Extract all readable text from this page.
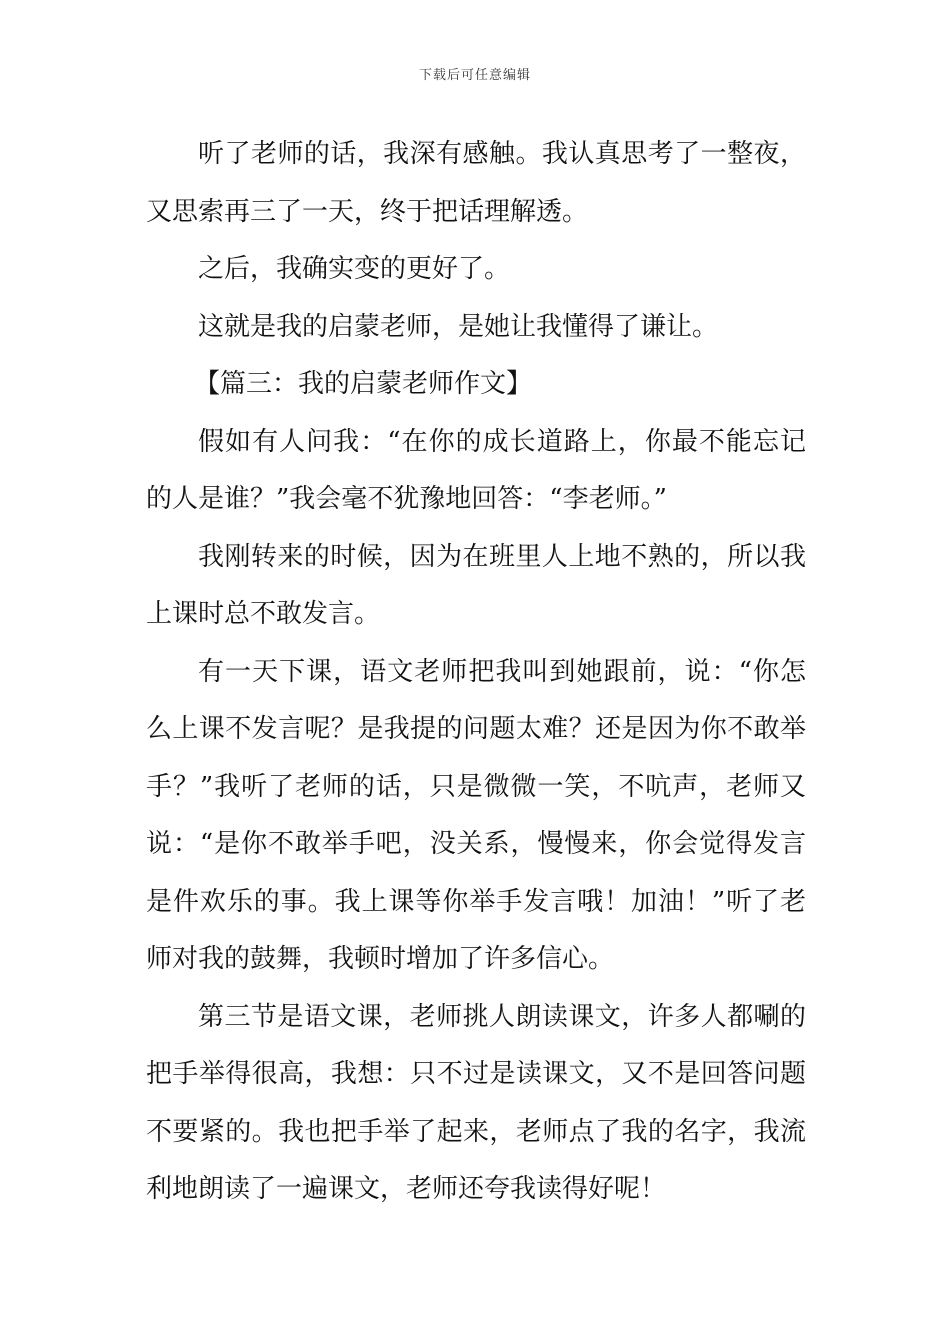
下载后可任意编辑

听了老师的话，我深有感触。我认真思考了一整夜，又思索再三了一天，终于把话理解透。

之后，我确实变的更好了。

这就是我的启蒙老师，是她让我懂得了谦让。

【篇三：我的启蒙老师作文】

假如有人问我：“在你的成长道路上，你最不能忘记的人是谁？”我会毫不犹豫地回答：“李老师。”

我刚转来的时候，因为在班里人上地不熟的，所以我上课时总不敢发言。

有一天下课，语文老师把我叫到她跟前，说：“你怎么上课不发言呢？是我提的问题太难？还是因为你不敢举手？”我听了老师的话，只是微微一笑，不吭声，老师又说：“是你不敢举手吧，没关系，慢慢来，你会觉得发言是件欢乐的事。我上课等你举手发言哦！加油！”听了老师对我的鼓舞，我顿时增加了许多信心。

第三节是语文课，老师挑人朗读课文，许多人都唰的把手举得很高，我想：只不过是读课文，又不是回答问题不要紧的。我也把手举了起来，老师点了我的名字，我流利地朗读了一遍课文，老师还夸我读得好呢！
